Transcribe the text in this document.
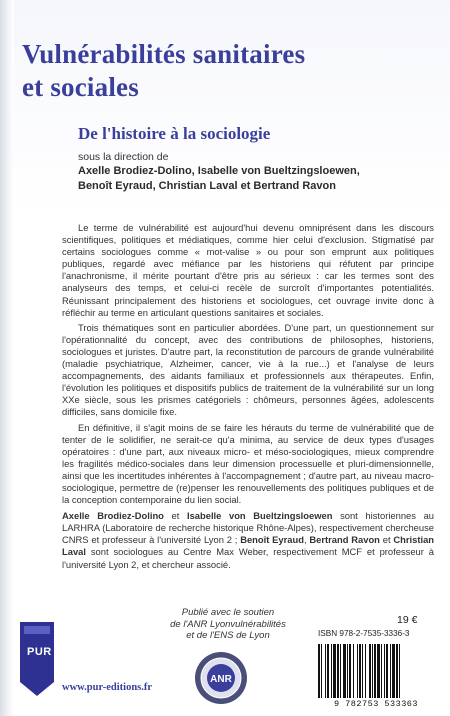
Vulnérabilités sanitaires
et sociales
De l'histoire à la sociologie
sous la direction de
Axelle Brodiez-Dolino, Isabelle von Bueltzingsloewen,
Benoît Eyraud, Christian Laval et Bertrand Ravon

Le terme de vulnérabilité est aujourd'hui devenu omniprésent dans les discours scientifiques, politiques et médiatiques, comme hier celui d'exclusion. Stigmatisé par certains sociologues comme « mot-valise » ou pour son emprunt aux politiques publiques, regardé avec méfiance par les historiens qui réfutent par principe l'anachronisme, il mérite pourtant d'être pris au sérieux : car les termes sont des analyseurs des temps, et celui-ci recèle de surcroît d'importantes potentialités. Réunissant principalement des historiens et sociologues, cet ouvrage invite donc à réfléchir au terme en articulant questions sanitaires et sociales.

Trois thématiques sont en particulier abordées. D'une part, un questionnement sur l'opérationnalité du concept, avec des contributions de philosophes, historiens, sociologues et juristes. D'autre part, la reconstitution de parcours de grande vulnérabilité (maladie psychiatrique, Alzheimer, cancer, vie à la rue...) et l'analyse de leurs accompagnements, des aidants familiaux et professionnels aux thérapeutes. Enfin, l'évolution les politiques et dispositifs publics de traitement de la vulnérabilité sur un long XXe siècle, sous les prismes catégoriels : chômeurs, personnes âgées, adolescents difficiles, sans domicile fixe.

En définitive, il s'agit moins de se faire les hérauts du terme de vulnérabilité que de tenter de le solidifier, ne serait-ce qu'a minima, au service de deux types d'usages opératoires : d'une part, aux niveaux micro- et méso-sociologiques, mieux comprendre les fragilités médico-sociales dans leur dimension processuelle et pluri-dimensionnelle, ainsi que les incertitudes inhérentes à l'accompagnement ; d'autre part, au niveau macro-sociologique, permettre de (re)penser les renouvellements des politiques publiques et de la conception contemporaine du lien social.

Axelle Brodiez-Dolino et Isabelle von Bueltzingsloewen sont historiennes au LARHRA (Laboratoire de recherche historique Rhône-Alpes), respectivement chercheuse CNRS et professeur à l'université Lyon 2 ; Benoît Eyraud, Bertrand Ravon et Christian Laval sont sociologues au Centre Max Weber, respectivement MCF et professeur à l'université Lyon 2, et chercheur associé.

Publié avec le soutien
de l'ANR Lyonvulnérabilités
et de l'ENS de Lyon
19 €
ISBN 978-2-7535-3336-3
9 782753 533363
PUR
www.pur-editions.fr
ANR
